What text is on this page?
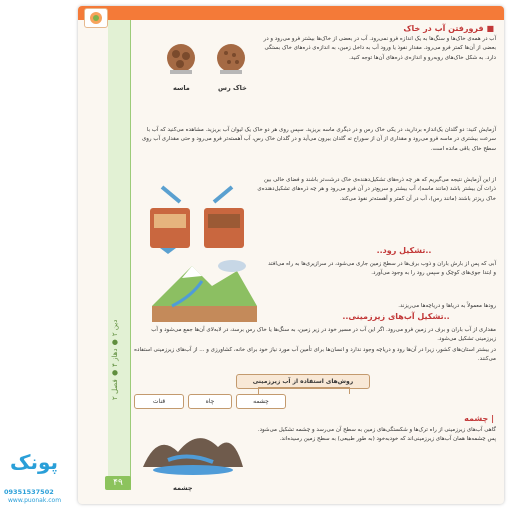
دین ۲ ● دهاز ۴ ● فصل ۲
۴۹
■ فرورفتن آب در خاک
آب در همه‌ی خاک‌ها و سنگ‌ها به یک اندازه فرو نمی‌رود. آب در بعضی از خاک‌ها بیشتر فرو می‌رود و در بعضی از آن‌ها کمتر فرو می‌رود. مقدار نفوذ یا ورود آب به داخل زمین، به اندازه‌ی ذره‌های خاک بستگی دارد. به شکل خاک‌های روبه‌رو و اندازه‌ی ذره‌های آن‌ها توجه کنید.
ماسه	خاک رس
آزمایش کنید: دو گلدان یک‌اندازه بردارید، در یکی خاک رس و در دیگری ماسه بریزید. سپس روی هر دو خاک یک لیوان آب بریزید. مشاهده می‌کنید که آب با سرعت بیشتری در ماسه فرو می‌رود و مقداری از آن از سوراخ ته گلدان بیرون می‌آید و در گلدان خاک رس، آب آهسته‌تر فرو می‌رود و حتی مقداری آب روی سطح خاک باقی مانده است.
از این آزمایش نتیجه می‌گیریم که هر چه ذره‌های تشکیل‌دهنده‌ی خاک درشت‌تر باشند و فضای خالی بین ذرات آن بیشتر باشد (مانند ماسه)، آب بیشتر و سریع‌تر در آن فرو می‌رود و هر چه ذره‌های تشکیل‌دهنده‌ی خاک ریزتر باشند (مانند رس)، آب در آن کمتر و آهسته‌تر نفوذ می‌کند.
..تشکیل رود..
آبی که پس از بارش باران و ذوب برف‌ها در سطح زمین جاری می‌شود، در سرازیری‌ها به راه می‌افتد و ابتدا جوی‌های کوچک و سپس رود را به وجود می‌آورد.
رودها معمولاً به دریاها و دریاچه‌ها می‌ریزند.
..تشکیل آب‌های زیرزمینی..
مقداری از آب باران و برف در زمین فرو می‌رود. اگر این آب در مسیر خود در زیر زمین، به سنگ‌ها یا خاک رس برسد، در لابه‌لای آن‌ها جمع می‌شود و آب زیرزمینی تشکیل می‌شود.
در بیشتر استان‌های کشور، زیرا در آن‌ها رود و دریاچه وجود ندارد و انسان‌ها برای تأمین آب مورد نیاز خود برای خانه، کشاورزی و ... از آب‌های زیرزمینی استفاده می‌کنند.
روش‌های استفاده از آب زیرزمینی
چشمه
چاه
قنات
| چشمه
چشمه
گاهی آب‌های زیرزمینی از راه ترک‌ها و شکستگی‌های زمین به سطح آن می‌رسد و چشمه تشکیل می‌شود. پس چشمه‌ها همان آب‌های زیرزمینی‌اند که خودبه‌خود (به طور طبیعی) به سطح زمین رسیده‌اند.
پونک
09351537502
www.puonak.com
